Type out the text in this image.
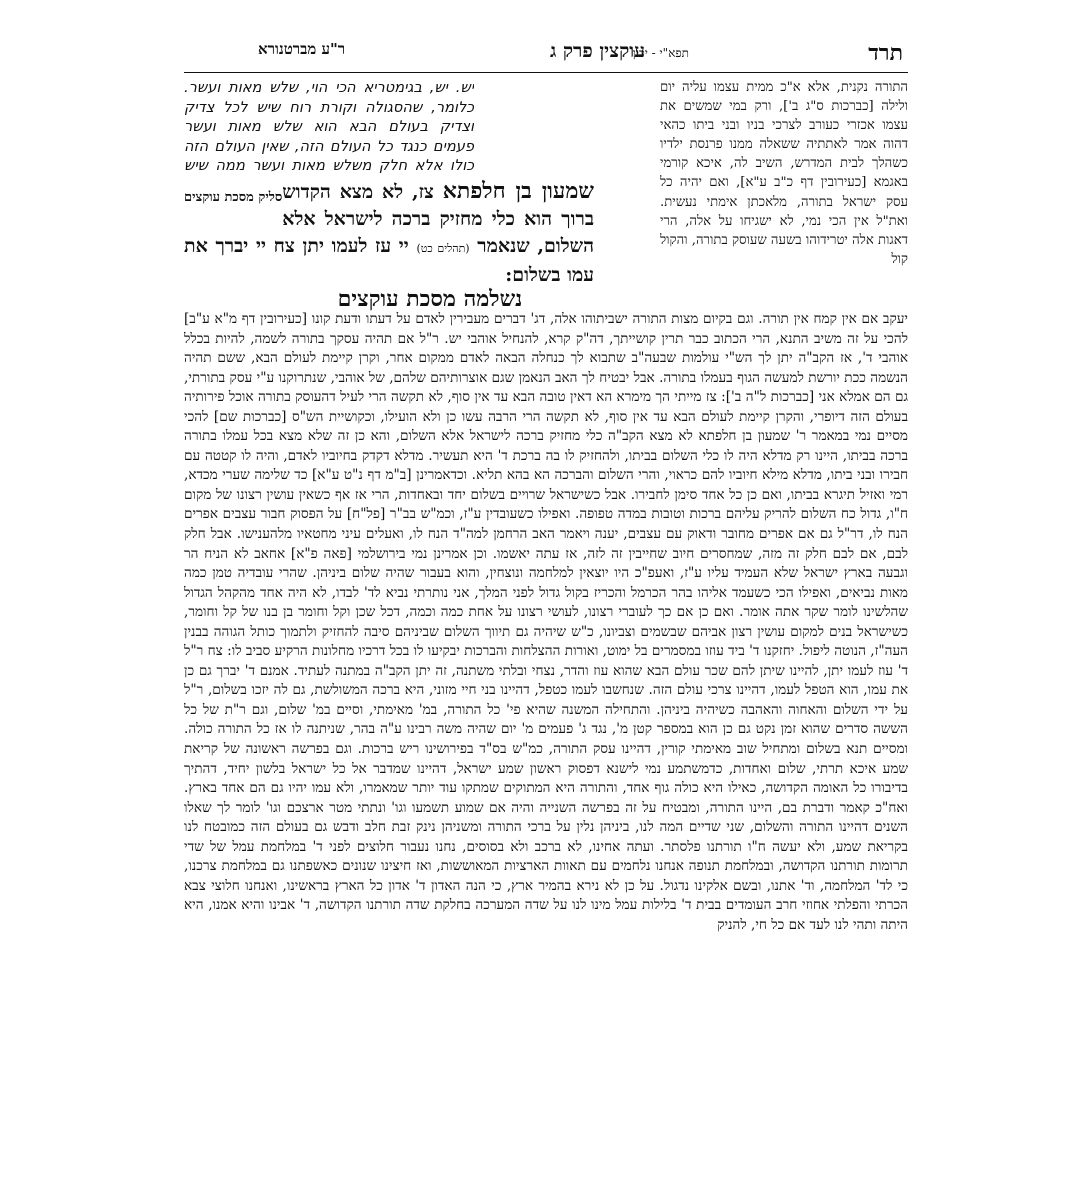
תרד
תפא"י - יכין
עוקצין פרק ג
ר"ע מברטנורא

התורה נקנית, אלא א"כ ממית עצמו עליה יום ולילה [כברכות ס"ג ב'], ורק במי שמשים את עצמו אכזרי כעורב לצרכי בניו ובני ביתו כהאי דהוה אמר לאתתיה ששאלה ממנו פרנסת ילדיו כשהלך לבית המדרש, השיב לה, איכא קורמי באגמא [כעירובין דף כ"ב ע"א], ואם יהיה כל עסק ישראל בתורה, מלאכתן אימתי נעשית. ואת"ל אין הכי נמי, לא ישגיחו על אלה, הרי דאגות אלה יטרידוהו בשעה שעוסק בתורה, והקול קול

יש. יש, בגימטריא הכי הוי, שלש מאות ועשר. כלומר, שהסגולה וקורת רוח שיש לכל צדיק וצדיק בעולם הבא הוא שלש מאות ועשר פעמים כנגד כל העולם הזה, שאין העולם הזה כולו אלא חלק משלש מאות ועשר ממה שיש
סליק מסכת עוקצים	שמעון בן חלפתא צז, לא מצא הקדוש ברוך הוא כלי מחזיק ברכה לישראל אלא השלום, שנאמר (תהלים כט) יי עז לעמו יתן צח יי יברך את עמו בשלום:
נשלמה מסכת עוקצים

יעקב אם אין קמח אין תורה. וגם בקיום מצות התורה ישביתוהו אלה, דג' דברים מעבירין לאדם על דעתו ודעת קונו [כעירובין דף מ"א ע"ב] להכי על זה משיב התנא, הרי הכתוב כבר תרין קושייתך, דה"ק קרא, להנחיל אוהבי יש. ר"ל אם תהיה עסקך בתורה לשמה, להיות בכלל אוהבי ד', אז הקב"ה יתן לך הש"י עולמות שבעה"ב שתבוא לך כנחלה הבאה לאדם ממקום אחר, וקרן קיימת לעולם הבא, ששם תהיה הנשמה ככת יורשת למעשה הגוף בעמלו בתורה. אבל יבטיח לך האב הנאמן שגם אוצרותיהם שלהם, של אוהבי, שנתרוקנו ע"י עסק בתורתי, גם הם אמלא אני [כברכות ל"ה ב']: צז מייתי הך מימרא הא דאין טובה הבא עד אין סוף, לא תקשה הרי לעיל דהעוסק בתורה אוכל פירותיה בעולם הזה דיופרי, והקרן קיימת לעולם הבא עד אין סוף, לא תקשה הרי הרבה עשו כן ולא הועילו, וכקושיית הש"ס [כברכות שם] להכי מסיים נמי במאמר ר' שמעון בן חלפתא לא מצא הקב"ה כלי מחזיק ברכה לישראל אלא השלום, והא כן זה שלא מצא בכל עמלו בתורה ברכה בביתו, היינו רק מדלא היה לו כלי השלום בביתו, ולהחזיק לו בה ברכת ד' היא תעשיר. מדלא דקדק בחיוביו לאדם, והיה לו קטטה עם חבירו ובני ביתו, מדלא מילא חיוביו להם כראוי, והרי השלום והברכה הא בהא תליא. וכדאמרינן [ב"מ דף נ"ט ע"א] כד שלימה שערי מכדא, רמי ואזיל תיגרא בביתו, ואם כן כל אחד סימן לחבירו. אבל כשישראל שרויים בשלום יחד ובאחדות, הרי אז אף כשאין עושין רצונו של מקום ח"ו, גדול כח השלום להריק עליהם ברכות וטובות במדה טפופה. ואפילו כשעובדין ע"ז, וכמ"ש בב"ר [פל"ח] על הפסוק חבור עצבים אפרים הנח לו, דר"ל גם אם אפרים מחובר ודאוק עם עצבים, יענה ויאמר האב הרחמן למה"ד הנח לו, ואעלים עיני מחטאיו מלהענישו. אבל חלק לבם, אם לבם חלק זה מזה, שמחסרים חיוב שחייבין זה לזה, אז עתה יאשמו. וכן אמרינן נמי בירושלמי [פאה פ"א] אחאב לא הניח הר וגבעה בארץ ישראל שלא העמיד עליו ע"ז, ואעפ"כ היו יוצאין למלחמה ונוצחין, והוא בעבור שהיה שלום ביניהן. שהרי עובדיה טמן כמה מאות נביאים, ואפילו הכי כשעמד אליהו בהר הכרמל והכריז בקול גדול לפני המלך, אני נותרתי נביא לד' לבדו, לא היה אחד מהקהל הגדול שהלשינו לומר שקר אתה אומר. ואם כן אם כך לעוברי רצונו, לעושי רצונו על אחת כמה וכמה, דכל שכן וקל וחומר בן בנו של קל וחומר, כשישראל בנים למקום עושין רצון אביהם שבשמים וצביונו, כ"ש שיהיה גם תיווך השלום שביניהם סיבה להחזיק ולתמוך כותל הגוהה בבנין העה"ז, הנוטה ליפול. יחזקנו ד' ביד עוזו במסמרים בל ימוט, ואורות ההצלחות והברכות יבקיעו לו בכל דרכיו מחלונות הרקיע סביב לו: צח ר"ל ד' עוז לעמו יתן, להיינו שיתן להם שכר עולם הבא שהוא עוז והדר, נצחי ובלתי משתנה, זה יתן הקב"ה במתנה לעתיד. אמנם ד' יברך גם כן את עמו, הוא הטפל לעמו, דהיינו צרכי עולם הזה. שנחשבו לעמו כטפל, דהיינו בני חיי מזוני, היא ברכה המשולשת, גם לה יזכו בשלום, ר"ל על ידי השלום והאחוה והאהבה כשיהיה ביניהן. והתחילה המשנה שהיא פי' כל התורה, במ' מאימתי, וסיים במ' שלום, וגם ר"ת של כל הששה סדרים שהוא זמן נקט גם כן הוא במספר קטן מ', נגד ג' פעמים מ' יום שהיה משה רבינו ע"ה בהר, שניתנה לו אז כל התורה כולה. ומסיים תנא בשלום ומתחיל שוב מאימתי קורין, דהיינו עסק התורה, כמ"ש בס"ד בפירושינו ריש ברכות. וגם בפרשה ראשונה של קריאת שמע איכא תרתי, שלום ואחדות, כדמשתמע נמי לישנא דפסוק ראשון שמע ישראל, דהיינו שמדבר אל כל ישראל בלשון יחיד, דהתיך בדיבורו כל האומה הקדושה, כאילו היא כולה גוף אחד, והתורה היא המתוקים שמתקו עוד יותר שמאמרו, ולא עמו יהיו גם הם אחד בארץ. ואח"כ קאמר ודברת בם, היינו התורה, ומבטיח על זה בפרשה השנייה והיה אם שמוע תשמעו וגו' ונתתי מטר ארצכם וגו' לומר לך שאלו השנים דהיינו התורה והשלום, שני שדיים המה לנו, ביניהן נלין על ברכי התורה ומשניהן נינק זבת חלב ודבש גם בעולם הזה כמובטח לנו בקריאת שמע, ולא יעשה ח"ו תורתנו פלסתר. ועתה אחינו, לא ברכב ולא בסוסים, נחנו נעבור חלוצים לפני ד' במלחמת עמל של שדי תרומות תורתנו הקדושה, ובמלחמת תנופה אנחנו נלחמים עם תאוות הארציות המאוששות, ואז חיצינו שנונים כאשפתנו גם במלחמת צרכנו, כי לד' המלחמה, וד' אתנו, ובשם אלקינו נדגול. על כן לא נירא בהמיר ארץ, כי הנה האדון ד' אדון כל הארץ בראשינו, ואנחנו חלוצי צבא הכרתי והפלתי אחוזי חרב העומדים בבית ד' בלילות עמל מינו לנו על שדה המערכה בחלקת שדה תורתנו הקדושה, ד' אבינו והיא אמנו, היא היתה ותהי לנו לעד אם כל חי, להניק
